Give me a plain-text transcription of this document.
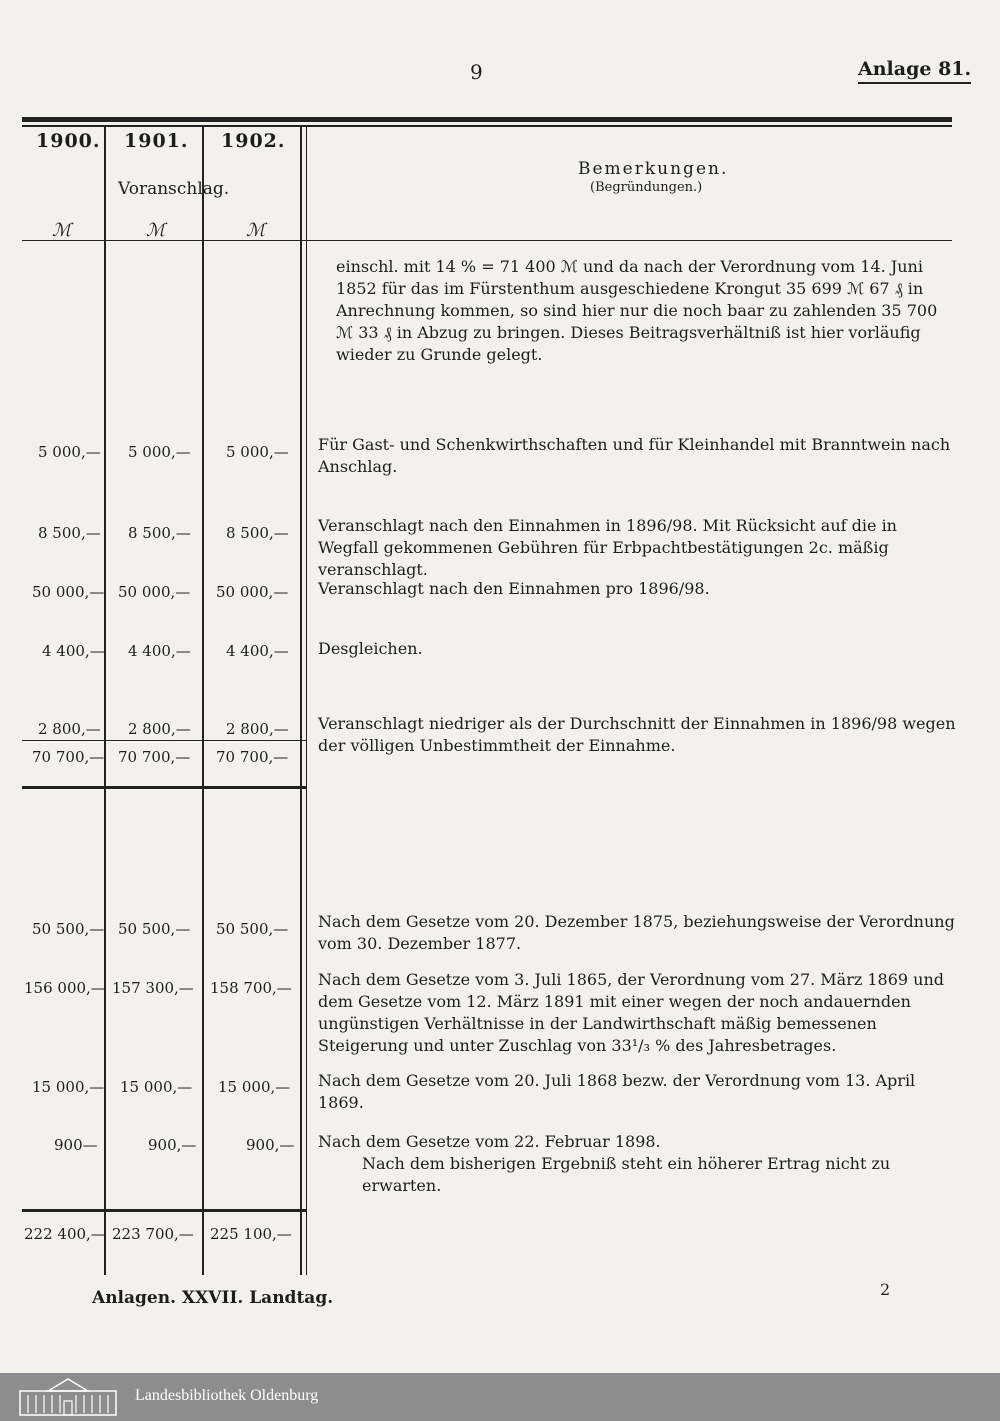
9	Anlage 81.
1900. 1901. 1902.
Voranschlag.
Bemerkungen.
(Begründungen.)
ℳ	ℳ	ℳ
einschl. mit 14 % = 71 400 ℳ und da nach der Verordnung vom 14. Juni 1852 für das im Fürstenthum ausgeschiedene Krongut 35 699 ℳ 67 ₰ in Anrechnung kommen, so sind hier nur die noch baar zu zahlenden 35 700 ℳ 33 ₰ in Abzug zu bringen. Dieses Beitragsverhältniß ist hier vorläufig wieder zu Grunde gelegt.
5 000,— 5 000,— 5 000,— Für Gast- und Schenkwirthschaften und für Kleinhandel mit Branntwein nach Anschlag.
8 500,— 8 500,— 8 500,— Veranschlagt nach den Einnahmen in 1896/98. Mit Rücksicht auf die in Wegfall gekommenen Gebühren für Erbpachtbestätigungen 2c. mäßig veranschlagt.
50 000,— 50 000,— 50 000,— Veranschlagt nach den Einnahmen pro 1896/98.
4 400,— 4 400,— 4 400,— Desgleichen.
2 800,— 2 800,— 2 800,— Veranschlagt niedriger als der Durchschnitt der Einnahmen in 1896/98 wegen der völligen Unbestimmtheit der Einnahme.
70 700,— 70 700,— 70 700,—
50 500,— 50 500,— 50 500,— Nach dem Gesetze vom 20. Dezember 1875, beziehungsweise der Verordnung vom 30. Dezember 1877.
156 000,— 157 300,— 158 700,— Nach dem Gesetze vom 3. Juli 1865, der Verordnung vom 27. März 1869 und dem Gesetze vom 12. März 1891 mit einer wegen der noch andauernden ungünstigen Verhältnisse in der Landwirthschaft mäßig bemessenen Steigerung und unter Zuschlag von 33¹/₃ % des Jahresbetrages.
15 000,— 15 000,— 15 000,— Nach dem Gesetze vom 20. Juli 1868 bezw. der Verordnung vom 13. April 1869.
900—	900,—	900,— Nach dem Gesetze vom 22. Februar 1898.
Nach dem bisherigen Ergebniß steht ein höherer Ertrag nicht zu erwarten.
222 400,— 223 700,— 225 100,—
Anlagen. XXVII. Landtag.	2
Landesbibliothek Oldenburg
